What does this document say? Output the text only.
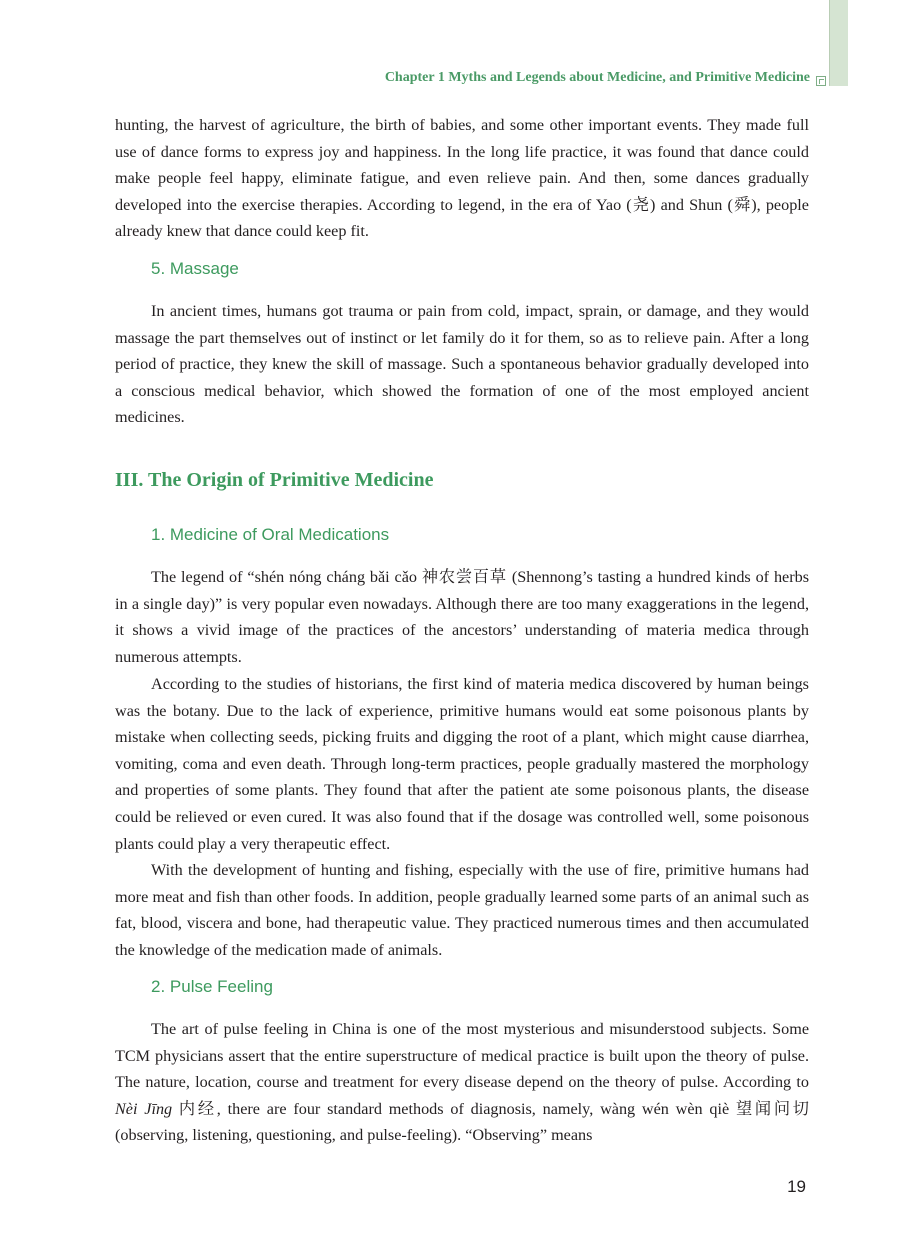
Chapter 1 Myths and Legends about Medicine, and Primitive Medicine

hunting, the harvest of agriculture, the birth of babies, and some other important events. They made full use of dance forms to express joy and happiness. In the long life practice, it was found that dance could make people feel happy, eliminate fatigue, and even relieve pain. And then, some dances gradually developed into the exercise therapies. According to legend, in the era of Yao (尧) and Shun (舜), people already knew that dance could keep fit.

5. Massage

In ancient times, humans got trauma or pain from cold, impact, sprain, or damage, and they would massage the part themselves out of instinct or let family do it for them, so as to relieve pain. After a long period of practice, they knew the skill of massage. Such a spontaneous behavior gradually developed into a conscious medical behavior, which showed the formation of one of the most employed ancient medicines.

III. The Origin of Primitive Medicine
1. Medicine of Oral Medications

The legend of “shén nóng cháng bǎi cǎo 神农尝百草 (Shennong’s tasting a hundred kinds of herbs in a single day)” is very popular even nowadays. Although there are too many exaggerations in the legend, it shows a vivid image of the practices of the ancestors’ understanding of materia medica through numerous attempts.

According to the studies of historians, the first kind of materia medica discovered by human beings was the botany. Due to the lack of experience, primitive humans would eat some poisonous plants by mistake when collecting seeds, picking fruits and digging the root of a plant, which might cause diarrhea, vomiting, coma and even death. Through long-term practices, people gradually mastered the morphology and properties of some plants. They found that after the patient ate some poisonous plants, the disease could be relieved or even cured. It was also found that if the dosage was controlled well, some poisonous plants could play a very therapeutic effect.

With the development of hunting and fishing, especially with the use of fire, primitive humans had more meat and fish than other foods. In addition, people gradually learned some parts of an animal such as fat, blood, viscera and bone, had therapeutic value. They practiced numerous times and then accumulated the knowledge of the medication made of animals.

2. Pulse Feeling

The art of pulse feeling in China is one of the most mysterious and misunderstood subjects. Some TCM physicians assert that the entire superstructure of medical practice is built upon the theory of pulse. The nature, location, course and treatment for every disease depend on the theory of pulse. According to Nèi Jīng 内经, there are four standard methods of diagnosis, namely, wàng wén wèn qiè 望闻问切 (observing, listening, questioning, and pulse-feeling). “Observing” means

19
